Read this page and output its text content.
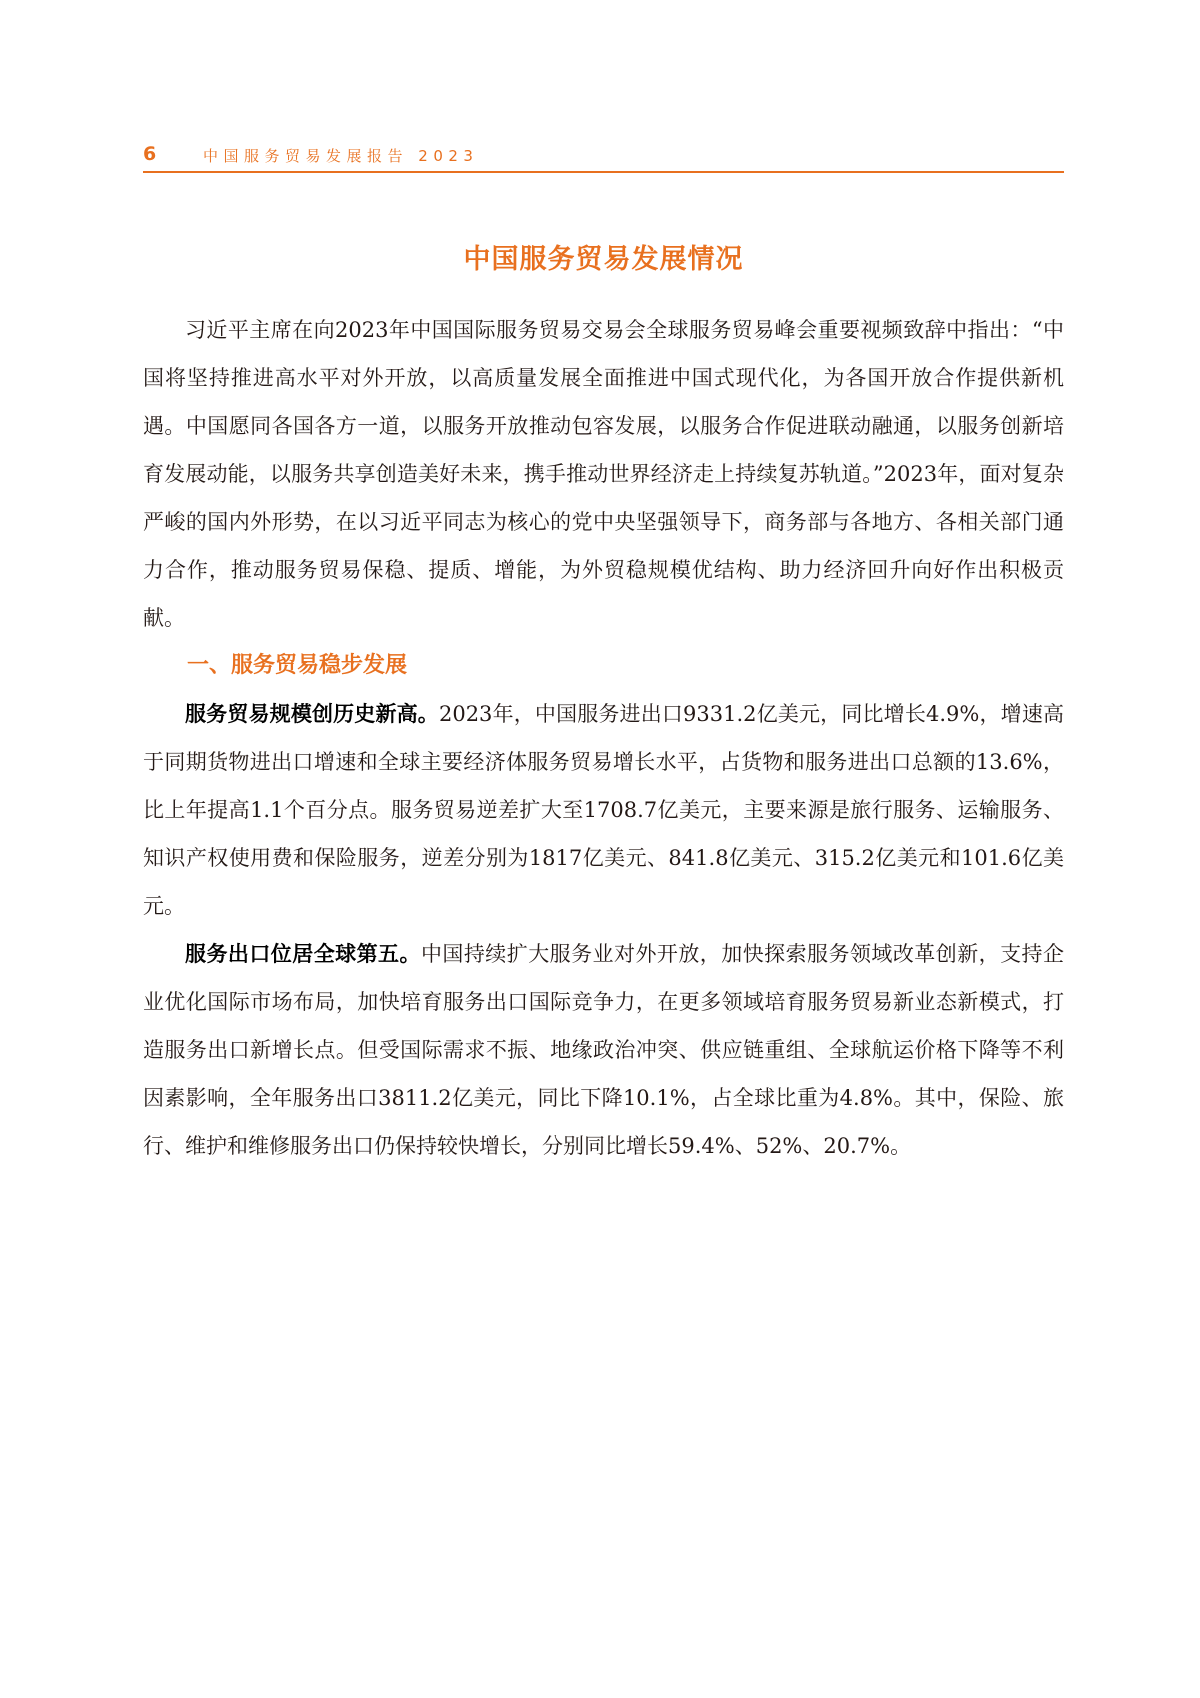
6	中国服务贸易发展报告 2023
中国服务贸易发展情况

习近平主席在向2023年中国国际服务贸易交易会全球服务贸易峰会重要视频致辞中指出：“中国将坚持推进高水平对外开放，以高质量发展全面推进中国式现代化，为各国开放合作提供新机遇。中国愿同各国各方一道，以服务开放推动包容发展，以服务合作促进联动融通，以服务创新培育发展动能，以服务共享创造美好未来，携手推动世界经济走上持续复苏轨道。”2023年，面对复杂严峻的国内外形势，在以习近平同志为核心的党中央坚强领导下，商务部与各地方、各相关部门通力合作，推动服务贸易保稳、提质、增能，为外贸稳规模优结构、助力经济回升向好作出积极贡献。

一、服务贸易稳步发展

服务贸易规模创历史新高。2023年，中国服务进出口9331.2亿美元，同比增长4.9%，增速高于同期货物进出口增速和全球主要经济体服务贸易增长水平，占货物和服务进出口总额的13.6%，比上年提高1.1个百分点。服务贸易逆差扩大至1708.7亿美元，主要来源是旅行服务、运输服务、知识产权使用费和保险服务，逆差分别为1817亿美元、841.8亿美元、315.2亿美元和101.6亿美元。

服务出口位居全球第五。中国持续扩大服务业对外开放，加快探索服务领域改革创新，支持企业优化国际市场布局，加快培育服务出口国际竞争力，在更多领域培育服务贸易新业态新模式，打造服务出口新增长点。但受国际需求不振、地缘政治冲突、供应链重组、全球航运价格下降等不利因素影响，全年服务出口3811.2亿美元，同比下降10.1%，占全球比重为4.8%。其中，保险、旅行、维护和维修服务出口仍保持较快增长，分别同比增长59.4%、52%、20.7%。
